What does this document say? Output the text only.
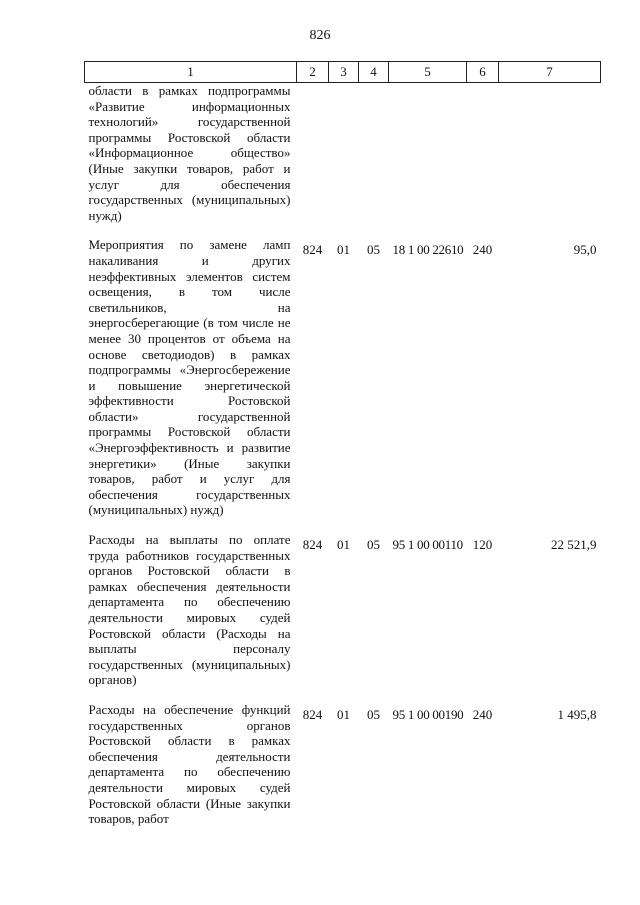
826
1	2	3	4	5	6	7
области в рамках подпрограммы «Развитие информационных технологий» государственной программы Ростовской области «Информационное общество» (Иные закупки товаров, работ и услуг для обеспечения государственных (муниципальных) нужд)						

Мероприятия по замене ламп накаливания и других неэффективных элементов систем освещения, в том числе светильников, на энергосберегающие (в том числе не менее 30 процентов от объема на основе светодиодов) в рамках подпрограммы «Энергосбережение и повышение энергетической эффективности Ростовской области» государственной программы Ростовской области «Энергоэффективность и развитие энергетики» (Иные закупки товаров, работ и услуг для обеспечения государственных (муниципальных) нужд)	824	01	05	18 1 00 22610	240	95,0

Расходы на выплаты по оплате труда работников государственных органов Ростовской области в рамках обеспечения деятельности департамента по обеспечению деятельности мировых судей Ростовской области (Расходы на выплаты персоналу государственных (муниципальных) органов)	824	01	05	95 1 00 00110	120	22 521,9

Расходы на обеспечение функций государственных органов Ростовской области в рамках обеспечения деятельности департамента по обеспечению деятельности мировых судей Ростовской области (Иные закупки товаров, работ	824	01	05	95 1 00 00190	240	1 495,8
